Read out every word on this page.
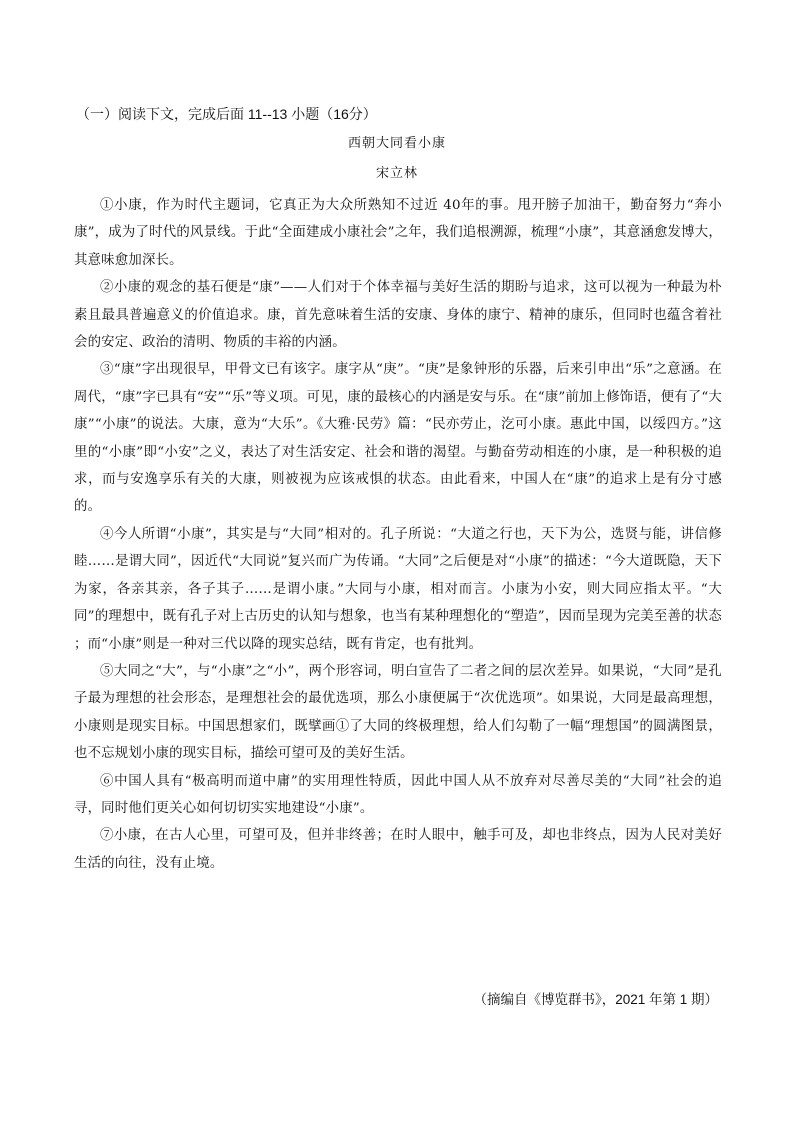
（一）阅读下文，完成后面 11--13 小题（16分）
西朝大同看小康
宋立林

①小康，作为时代主题词，它真正为大众所熟知不过近 40年的事。甩开膀子加油干，勤奋努力“奔小康”，成为了时代的风景线。于此“全面建成小康社会”之年，我们追根溯源，梳理“小康”，其意涵愈发博大，其意味愈加深长。

②小康的观念的基石便是“康”——人们对于个体幸福与美好生活的期盼与追求，这可以视为一种最为朴素且最具普遍意义的价值追求。康，首先意味着生活的安康、身体的康宁、精神的康乐，但同时也蕴含着社会的安定、政治的清明、物质的丰裕的内涵。

③“康”字出现很早，甲骨文已有该字。康字从“庚”。“庚”是象钟形的乐器，后来引申出“乐”之意涵。在周代，“康”字已具有“安”“乐”等义项。可见，康的最核心的内涵是安与乐。在“康”前加上修饰语，便有了“大康”“小康”的说法。大康，意为“大乐”。《大雅·民劳》篇：“民亦劳止，汔可小康。惠此中国，以绥四方。”这里的“小康”即“小安”之义，表达了对生活安定、社会和谐的渴望。与勤奋劳动相连的小康，是一种积极的追求，而与安逸享乐有关的大康，则被视为应该戒惧的状态。由此看来，中国人在“康”的追求上是有分寸感的。

④今人所谓“小康”，其实是与“大同”相对的。孔子所说：“大道之行也，天下为公，选贤与能，讲信修睦……是谓大同”，因近代“大同说”复兴而广为传诵。“大同”之后便是对“小康”的描述：“今大道既隐，天下为家，各亲其亲，各子其子……是谓小康。”大同与小康，相对而言。小康为小安，则大同应指太平。“大同”的理想中，既有孔子对上古历史的认知与想象，也当有某种理想化的“塑造”，因而呈现为完美至善的状态 ；而“小康”则是一种对三代以降的现实总结，既有肯定，也有批判。

⑤大同之“大”，与“小康”之“小”，两个形容词，明白宣告了二者之间的层次差异。如果说，“大同”是孔子最为理想的社会形态，是理想社会的最优选项，那么小康便属于“次优选项”。如果说，大同是最高理想，小康则是现实目标。中国思想家们，既擘画①了大同的终极理想，给人们勾勒了一幅“理想国”的圆满图景，也不忘规划小康的现实目标，描绘可望可及的美好生活。

⑥中国人具有“极高明而道中庸”的实用理性特质，因此中国人从不放弃对尽善尽美的“大同”社会的追寻，同时他们更关心如何切切实实地建设“小康”。

⑦小康，在古人心里，可望可及，但并非终善；在时人眼中，触手可及，却也非终点，因为人民对美好生活的向往，没有止境。

（摘编自《博览群书》，2021 年第 1 期）
